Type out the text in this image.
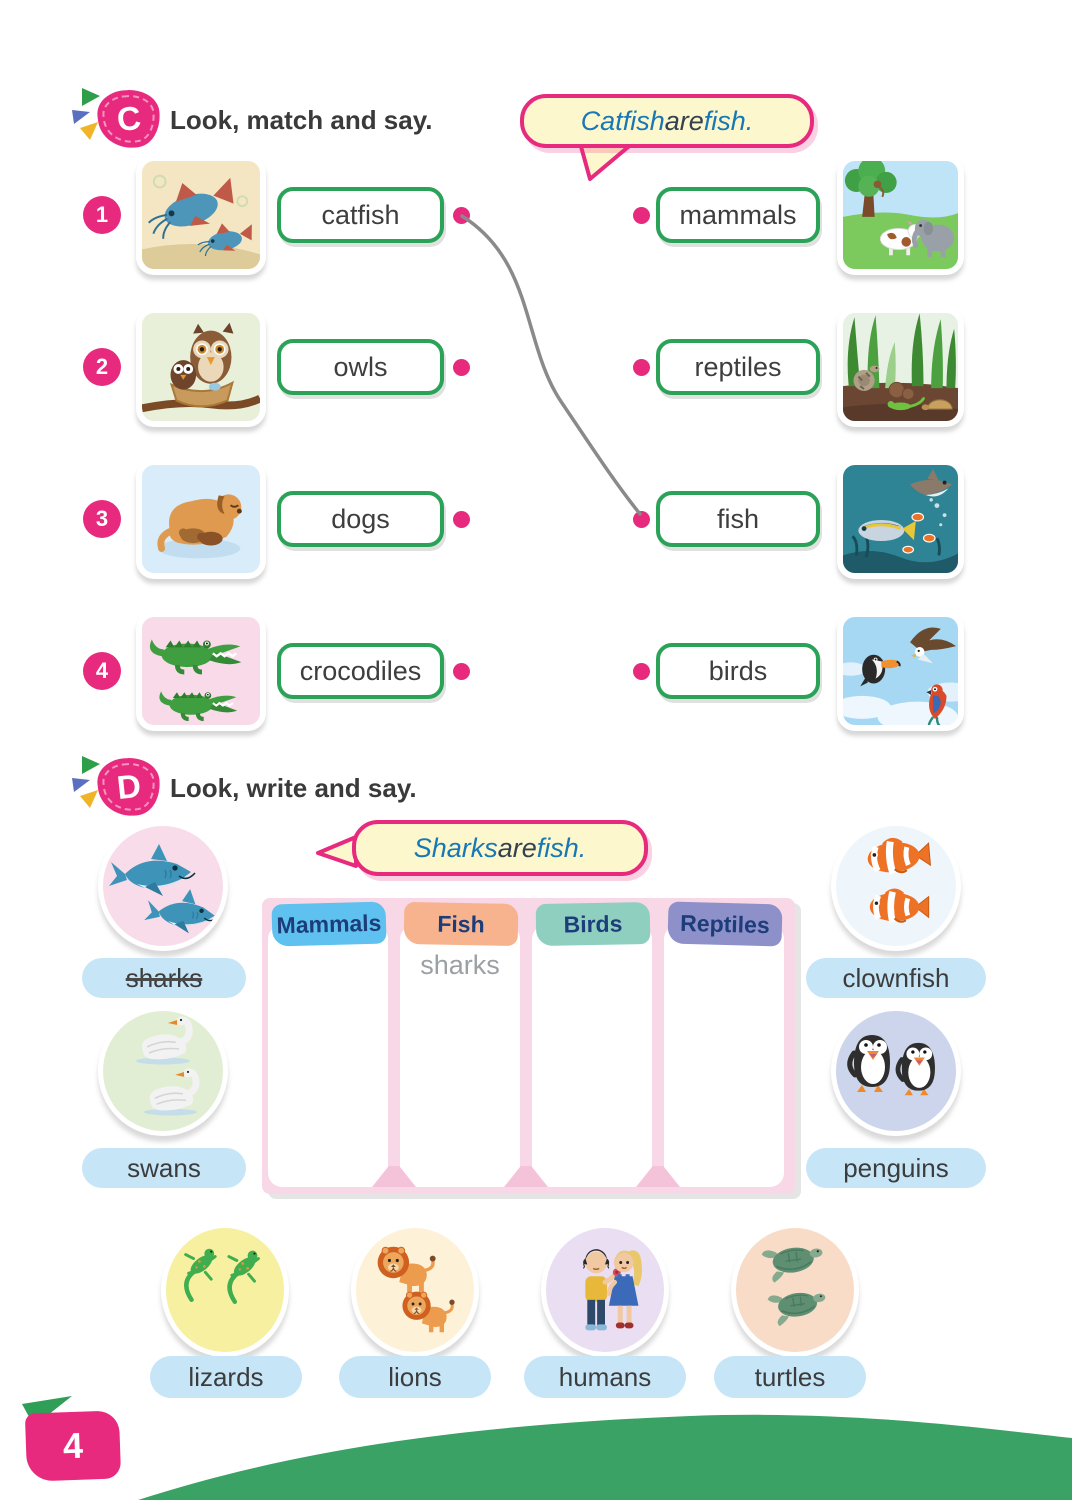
C Look, match and say.	Catfish are fish.
1	catfish	mammals
2	owls	reptiles
3	dogs	fish
4	crocodiles	birds
D Look, write and say.
Sharks are fish.
sharks
swans
clownfish
penguins
Mammals Fish	Birds Reptiles
sharks
lizards	lions	humans	turtles
4
